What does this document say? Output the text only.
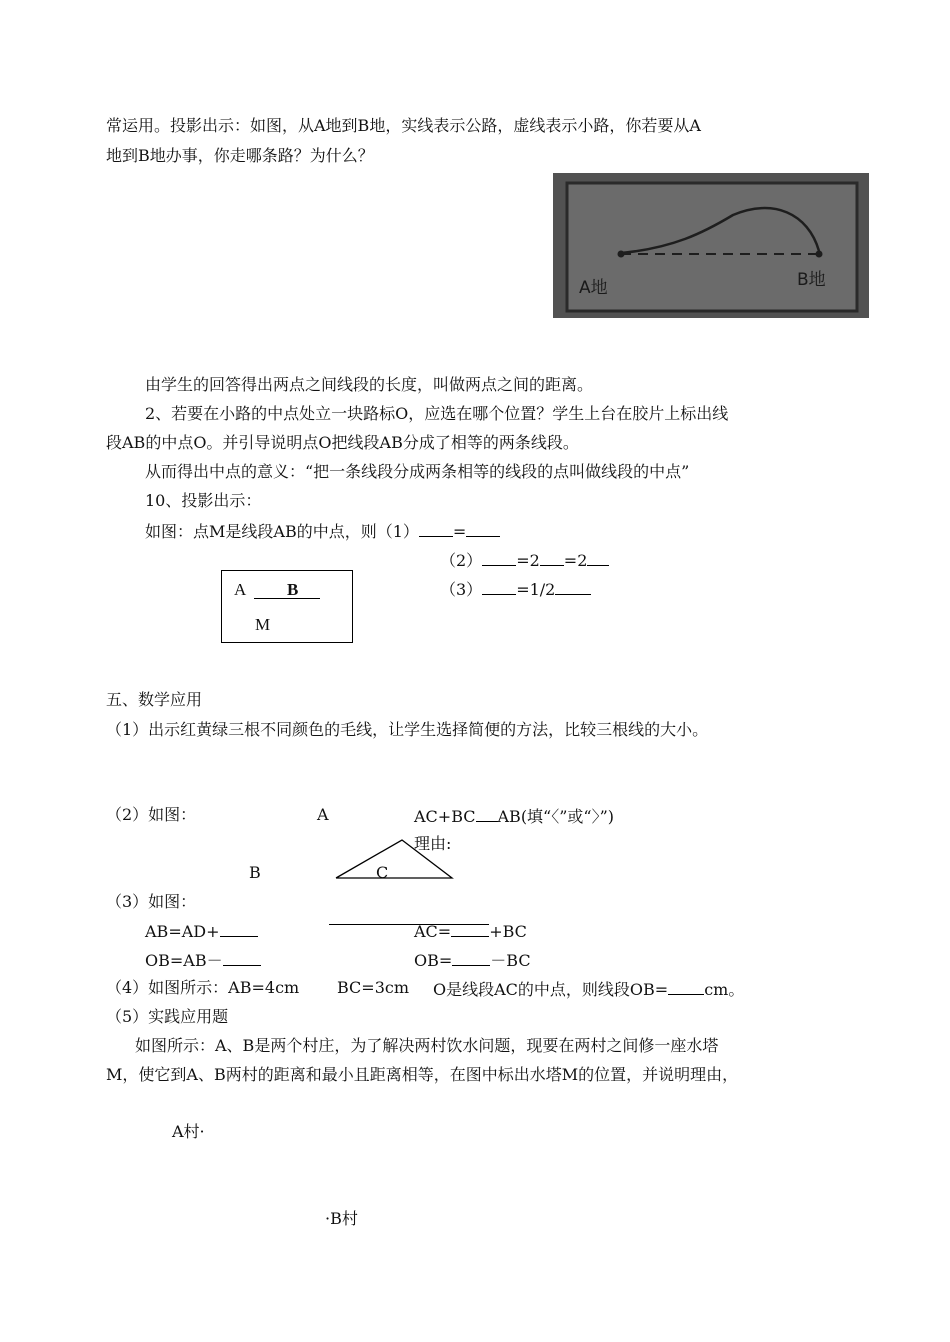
常运用。投影出示：如图，从A地到B地，实线表示公路，虚线表示小路，你若要从A
地到B地办事，你走哪条路？为什么？
A地	B地
由学生的回答得出两点之间线段的长度，叫做两点之间的距离。
2、若要在小路的中点处立一块路标O，应选在哪个位置？学生上台在胶片上标出线
段AB的中点O。并引导说明点O把线段AB分成了相等的两条线段。
从而得出中点的意义：“把一条线段分成两条相等的线段的点叫做线段的中点”
10、投影出示：
如图：点M是线段AB的中点，则（1） =
（2） =2 =2
（3） =1/2
A B
M
五、数学应用
（1）出示红黄绿三根不同颜色的毛线，让学生选择简便的方法，比较三根线的大小。
（2）如图：	A	AC+BC AB(填“〈”或“〉”)
理由:
B	C
（3）如图：
AB=AD+	AC= +BC
OB=AB－	OB= －BC
（4）如图所示：AB=4cm BC=3cm O是线段AC的中点，则线段OB= cm。
（5）实践应用题
如图所示：A、B是两个村庄，为了解决两村饮水问题，现要在两村之间修一座水塔
M，使它到A、B两村的距离和最小且距离相等，在图中标出水塔M的位置，并说明理由，
A村·
·B村
